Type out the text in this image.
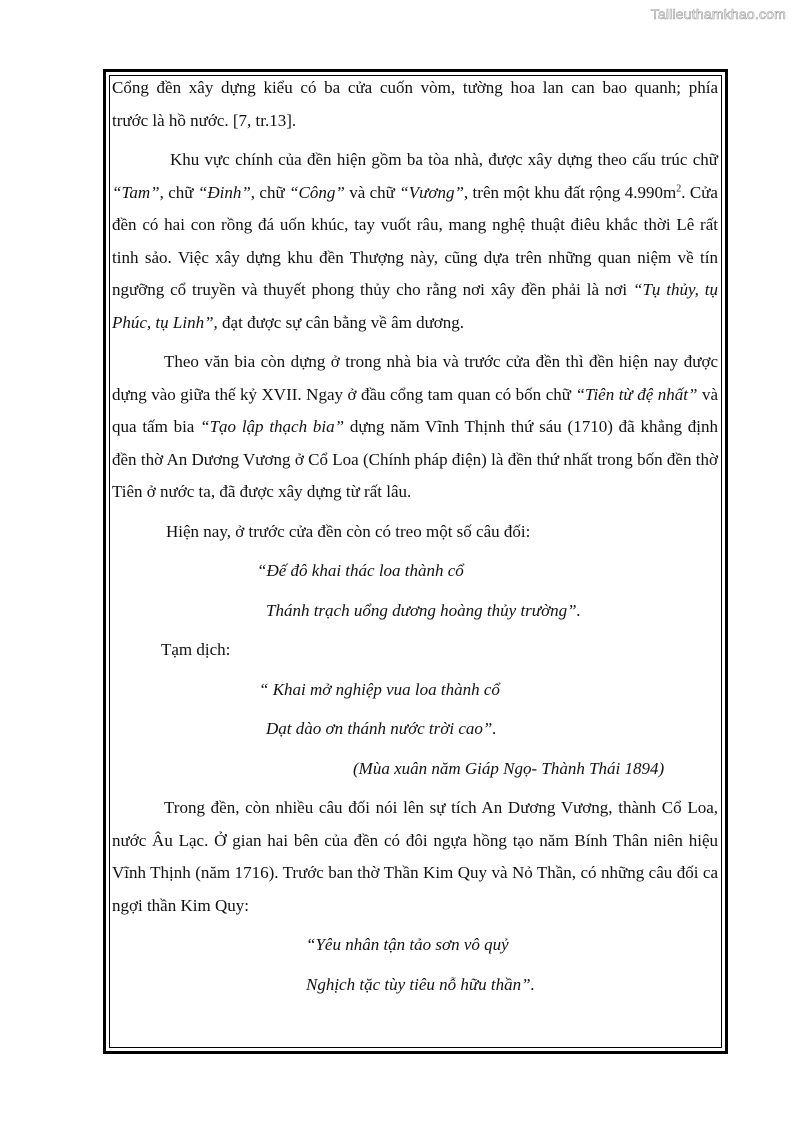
Tailieuthamkhao.com

Cổng đền xây dựng kiểu có ba cửa cuốn vòm, tường hoa lan can bao quanh; phía
trước là hồ nước. [7, tr.13].

Khu vực chính của đền hiện gồm ba tòa nhà, được xây dựng theo cấu trúc chữ “Tam”, chữ “Đinh”, chữ “Công” và chữ “Vương”, trên một khu đất rộng $4.990m^2$. Cửa đền có hai con rồng đá uốn khúc, tay vuốt râu, mang nghệ thuật điêu khắc thời Lê rất tinh sảo. Việc xây dựng khu đền Thượng này, cũng dựa trên những quan niệm về tín ngưỡng cổ truyền và thuyết phong thủy cho rằng nơi xây đền phải là nơi “Tụ thủy, tụ Phúc, tụ Linh”, đạt được sự cân bằng về âm dương.

Theo văn bia còn dựng ở trong nhà bia và trước cửa đền thì đền hiện nay được dựng vào giữa thế kỷ XVII. Ngay ở đầu cổng tam quan có bốn chữ “Tiên từ đệ nhất” và qua tấm bia “Tạo lập thạch bia” dựng năm Vĩnh Thịnh thứ sáu (1710) đã khẳng định đền thờ An Dương Vương ở Cổ Loa (Chính pháp điện) là đền thứ nhất trong bốn đền thờ Tiên ở nước ta, đã được xây dựng từ rất lâu.

Hiện nay, ở trước cửa đền còn có treo một số câu đối:

“Đế đô khai thác loa thành cổ

Thánh trạch uổng dương hoàng thủy trường”.

Tạm dịch:

“ Khai mở nghiệp vua loa thành cổ

Dạt dào ơn thánh nước trời cao”.

(Mùa xuân năm Giáp Ngọ- Thành Thái 1894)

Trong đền, còn nhiều câu đối nói lên sự tích An Dương Vương, thành Cổ Loa, nước Âu Lạc. Ở gian hai bên của đền có đôi ngựa hồng tạo năm Bính Thân niên hiệu Vĩnh Thịnh (năm 1716). Trước ban thờ Thần Kim Quy và Nỏ Thần, có những câu đối ca ngợi thần Kim Quy:

“Yêu nhân tận tảo sơn vô quỷ

Nghịch tặc tùy tiêu nỗ hữu thần”.
